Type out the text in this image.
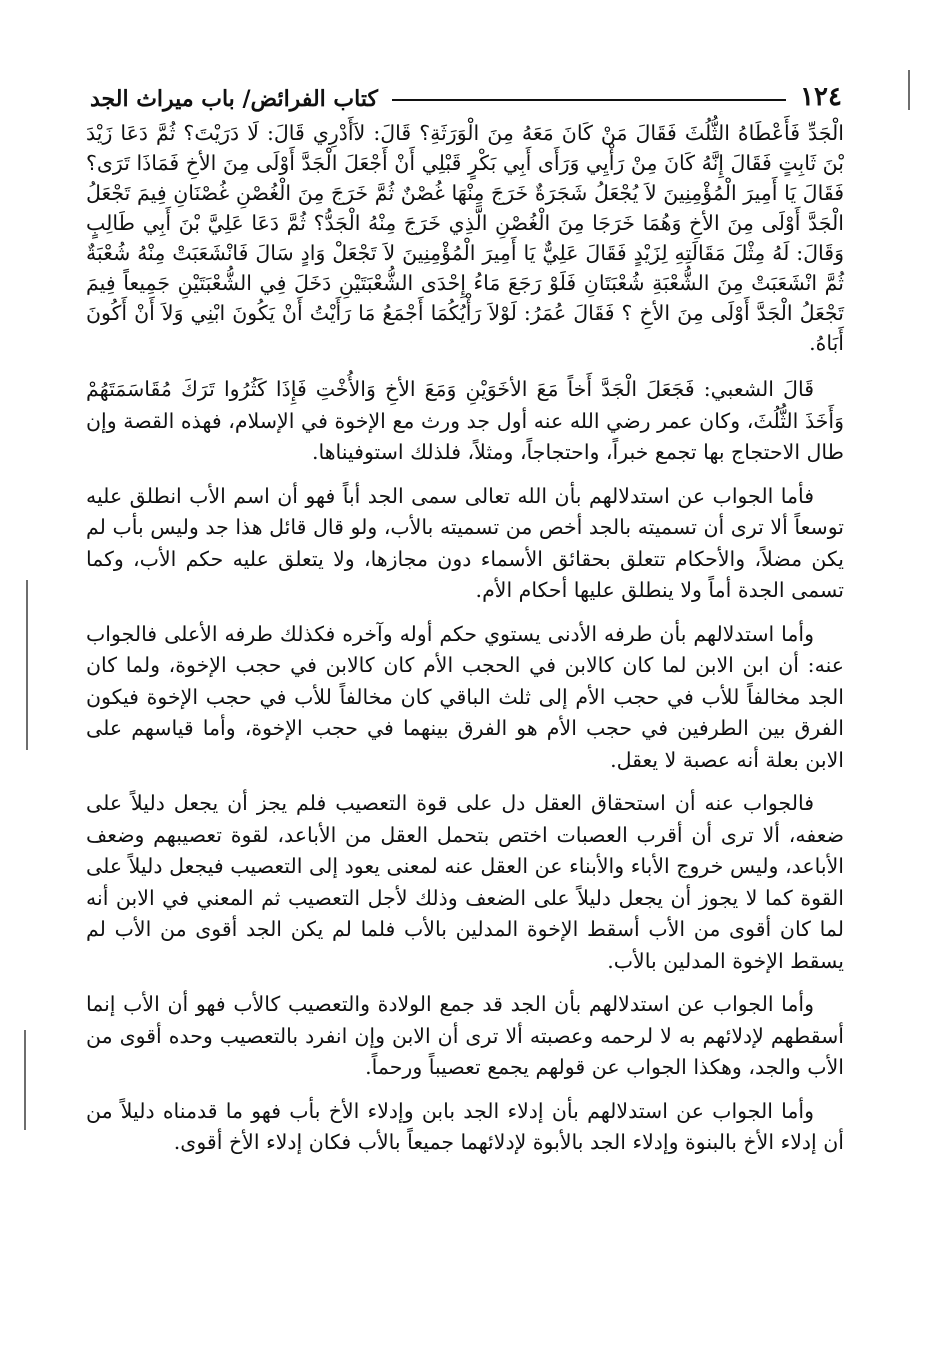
١٢٤
كتاب الفرائض/ باب ميراث الجد

الْجَدِّ فَأَعْطَاهُ الثُّلُثَ فَقَالَ مَنْ كَانَ مَعَهُ مِنَ الْوَرَثَةِ؟ قَالَ: لاَأَدْرِي قَالَ: لَا دَرَيْتَ؟ ثُمَّ دَعَا زَيْدَ بْنَ ثَابِتٍ فَقَالَ إِنَّهُ كَانَ مِنْ رَأْيِي وَرَأَى أَبِي بَكْرٍ قَبْلِي أَنْ أَجْعَلَ الْجَدَّ أَوْلَى مِنَ الأخِ فَمَاذَا تَرَى؟ فَقَالَ يَا أَمِيرَ الْمُؤْمِنِينَ لاَ يُجْعَلُ شَجَرَةٌ خَرَجَ مِنْهَا غُصْنٌ ثُمَّ خَرَجَ مِنَ الْغُصْنِ غُصْنَانِ فِيمَ تَجْعَلُ الْجَدَّ أَوْلَى مِنَ الأخِ وَهُمَا خَرَجَا مِنَ الْغُصْنِ الَّذِي خَرَجَ مِنْهُ الْجَدُّ؟ ثُمَّ دَعَا عَلِيَّ بْنَ أَبِي طَالِبٍ وَقَالَ: لَهُ مِثْلَ مَقَالَتِهِ لِزَيْدٍ فَقَالَ عَلِيٌّ يَا أَمِيرَ الْمُؤْمِنِينَ لاَ تَجْعَلْ وَادٍ سَالَ فَانْشَعَبَتْ مِنْهُ شُعْبَةٌ ثُمَّ انْشَعَبَتْ مِنَ الشُّعْبَةِ شُعْبَتَانِ فَلَوْ رَجَعَ مَاءُ إِحْدَى الشُّعْبَتَيْنِ دَخَلَ فِي الشُّعْبَتَيْنِ جَمِيعاً فِيمَ تَجْعَلُ الْجَدَّ أَوْلَى مِنَ الأخِ ؟ فَقَالَ عُمَرُ: لَوْلاَ رَأْيُكُمَا أَجْمَعُ مَا رَأَيْتُ أَنْ يَكُونَ ابْنِي وَلاَ أَنْ أَكُونَ أَبَاهُ.

قَالَ الشعبي: فَجَعَلَ الْجَدَّ أَخاً مَعَ الأخَوَيْنِ وَمَعَ الأخِ وَالأُخْتِ فَإِذَا كَثُرُوا تَرَكَ مُقَاسَمَتَهُمْ وَأَخَذَ الثُّلُثَ، وكان عمر رضي الله عنه أول جد ورث مع الإخوة في الإسلام، فهذه القصة وإن طال الاحتجاج بها تجمع خبراً، واحتجاجاً، ومثلاً، فلذلك استوفيناها.

فأما الجواب عن استدلالهم بأن الله تعالى سمى الجد أباً فهو أن اسم الأب انطلق عليه توسعاً ألا ترى أن تسميته بالجد أخص من تسميته بالأب، ولو قال قائل هذا جد وليس بأب لم يكن مضلاً، والأحكام تتعلق بحقائق الأسماء دون مجازها، ولا يتعلق عليه حكم الأب، وكما تسمى الجدة أماً ولا ينطلق عليها أحكام الأم.

وأما استدلالهم بأن طرفه الأدنى يستوي حكم أوله وآخره فكذلك طرفه الأعلى فالجواب عنه: أن ابن الابن لما كان كالابن في الحجب الأم كان كالابن في حجب الإخوة، ولما كان الجد مخالفاً للأب في حجب الأم إلى ثلث الباقي كان مخالفاً للأب في حجب الإخوة فيكون الفرق بين الطرفين في حجب الأم هو الفرق بينهما في حجب الإخوة، وأما قياسهم على الابن بعلة أنه عصبة لا يعقل.

فالجواب عنه أن استحقاق العقل دل على قوة التعصيب فلم يجز أن يجعل دليلاً على ضعفه، ألا ترى أن أقرب العصبات اختص بتحمل العقل من الأباعد، لقوة تعصيبهم وضعف الأباعد، وليس خروج الأباء والأبناء عن العقل عنه لمعنى يعود إلى التعصيب فيجعل دليلاً على القوة كما لا يجوز أن يجعل دليلاً على الضعف وذلك لأجل التعصيب ثم المعني في الابن أنه لما كان أقوى من الأب أسقط الإخوة المدلين بالأب فلما لم يكن الجد أقوى من الأب لم يسقط الإخوة المدلين بالأب.

وأما الجواب عن استدلالهم بأن الجد قد جمع الولادة والتعصيب كالأب فهو أن الأب إنما أسقطهم لإدلائهم به لا لرحمه وعصبته ألا ترى أن الابن وإن انفرد بالتعصيب وحده أقوى من الأب والجد، وهكذا الجواب عن قولهم يجمع تعصيباً ورحماً.

وأما الجواب عن استدلالهم بأن إدلاء الجد بابن وإدلاء الأخ بأب فهو ما قدمناه دليلاً من أن إدلاء الأخ بالبنوة وإدلاء الجد بالأبوة لإدلائهما جميعاً بالأب فكان إدلاء الأخ أقوى.
